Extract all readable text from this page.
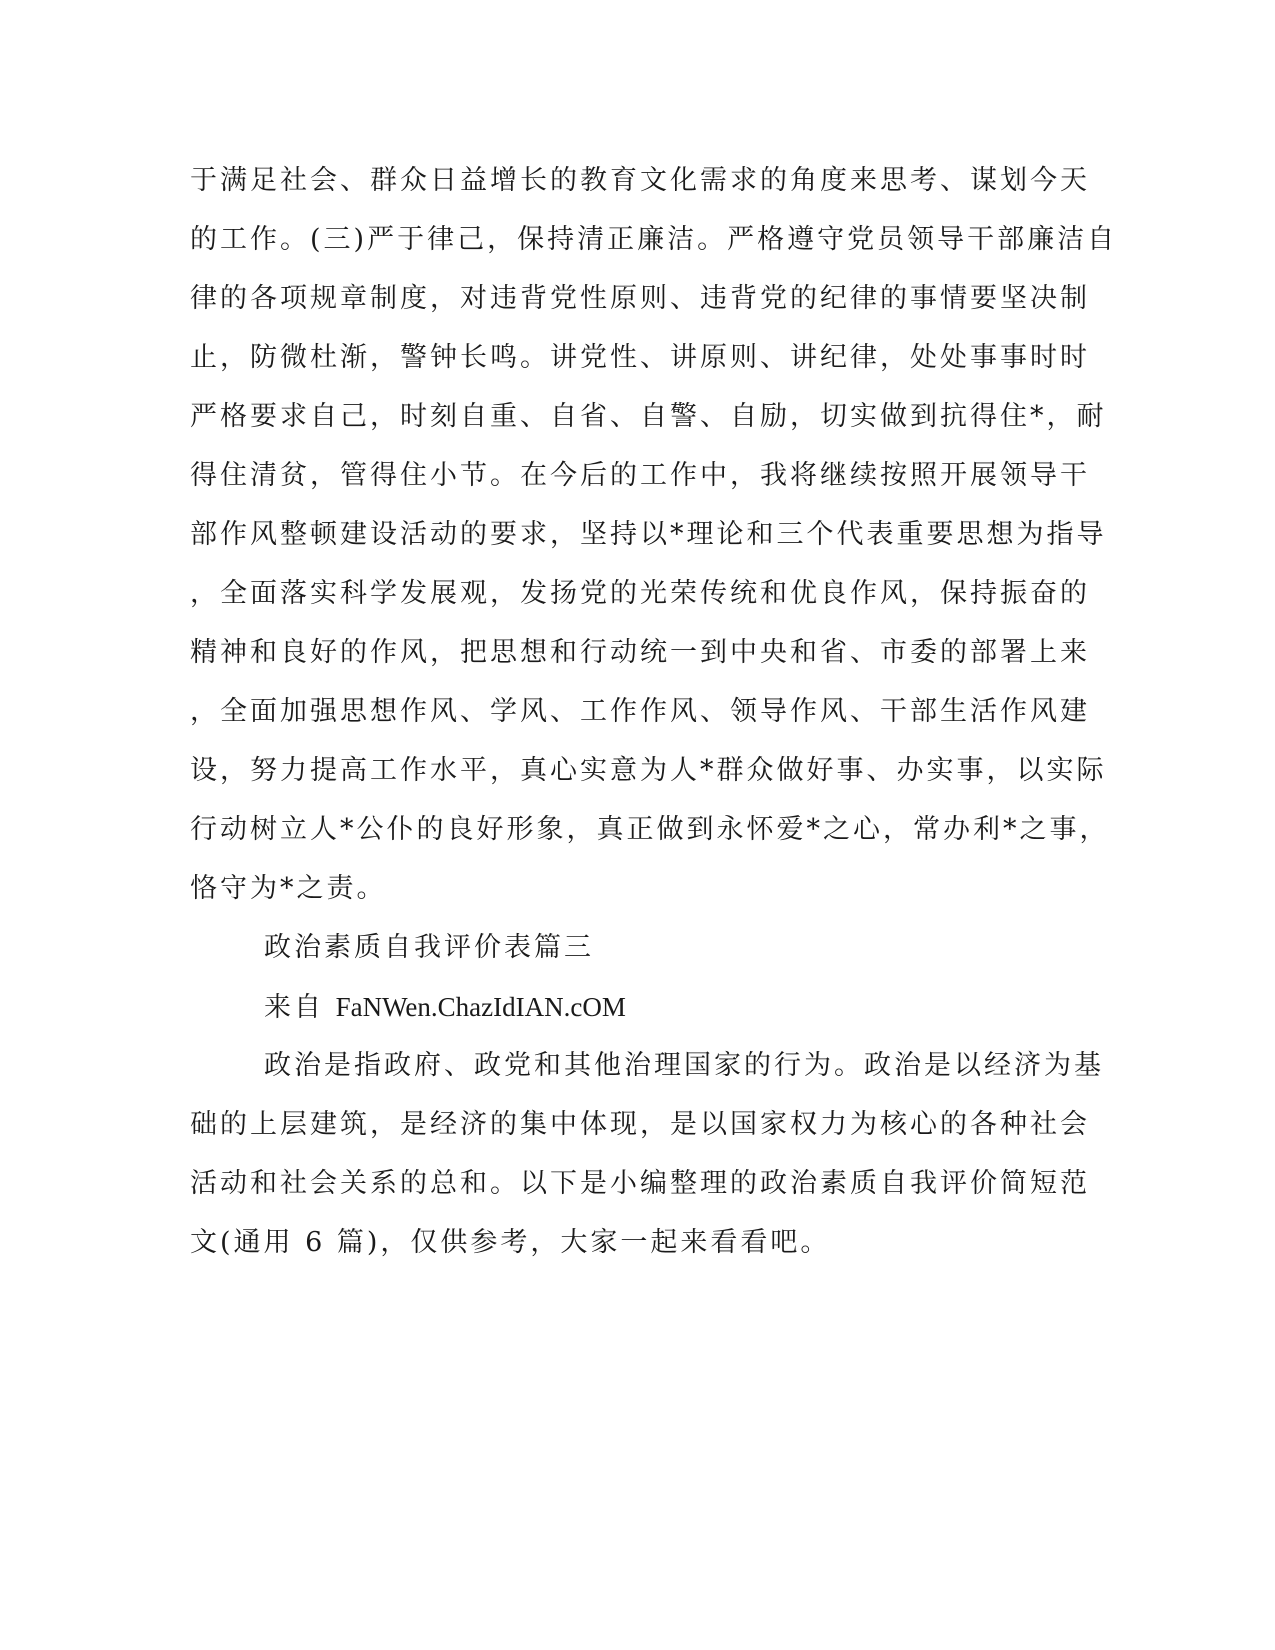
于满足社会、群众日益增长的教育文化需求的角度来思考、谋划今天
的工作。(三)严于律己，保持清正廉洁。严格遵守党员领导干部廉洁自
律的各项规章制度，对违背党性原则、违背党的纪律的事情要坚决制
止，防微杜渐，警钟长鸣。讲党性、讲原则、讲纪律，处处事事时时
严格要求自己，时刻自重、自省、自警、自励，切实做到抗得住*，耐
得住清贫，管得住小节。在今后的工作中，我将继续按照开展领导干
部作风整顿建设活动的要求，坚持以*理论和三个代表重要思想为指导
，全面落实科学发展观，发扬党的光荣传统和优良作风，保持振奋的
精神和良好的作风，把思想和行动统一到中央和省、市委的部署上来
，全面加强思想作风、学风、工作作风、领导作风、干部生活作风建
设，努力提高工作水平，真心实意为人*群众做好事、办实事，以实际
行动树立人*公仆的良好形象，真正做到永怀爱*之心，常办利*之事，
恪守为*之责。
政治素质自我评价表篇三
来自 FaNWen.ChazIdIAN.cOM
政治是指政府、政党和其他治理国家的行为。政治是以经济为基
础的上层建筑，是经济的集中体现，是以国家权力为核心的各种社会
活动和社会关系的总和。以下是小编整理的政治素质自我评价简短范
文(通用 6 篇)，仅供参考，大家一起来看看吧。
